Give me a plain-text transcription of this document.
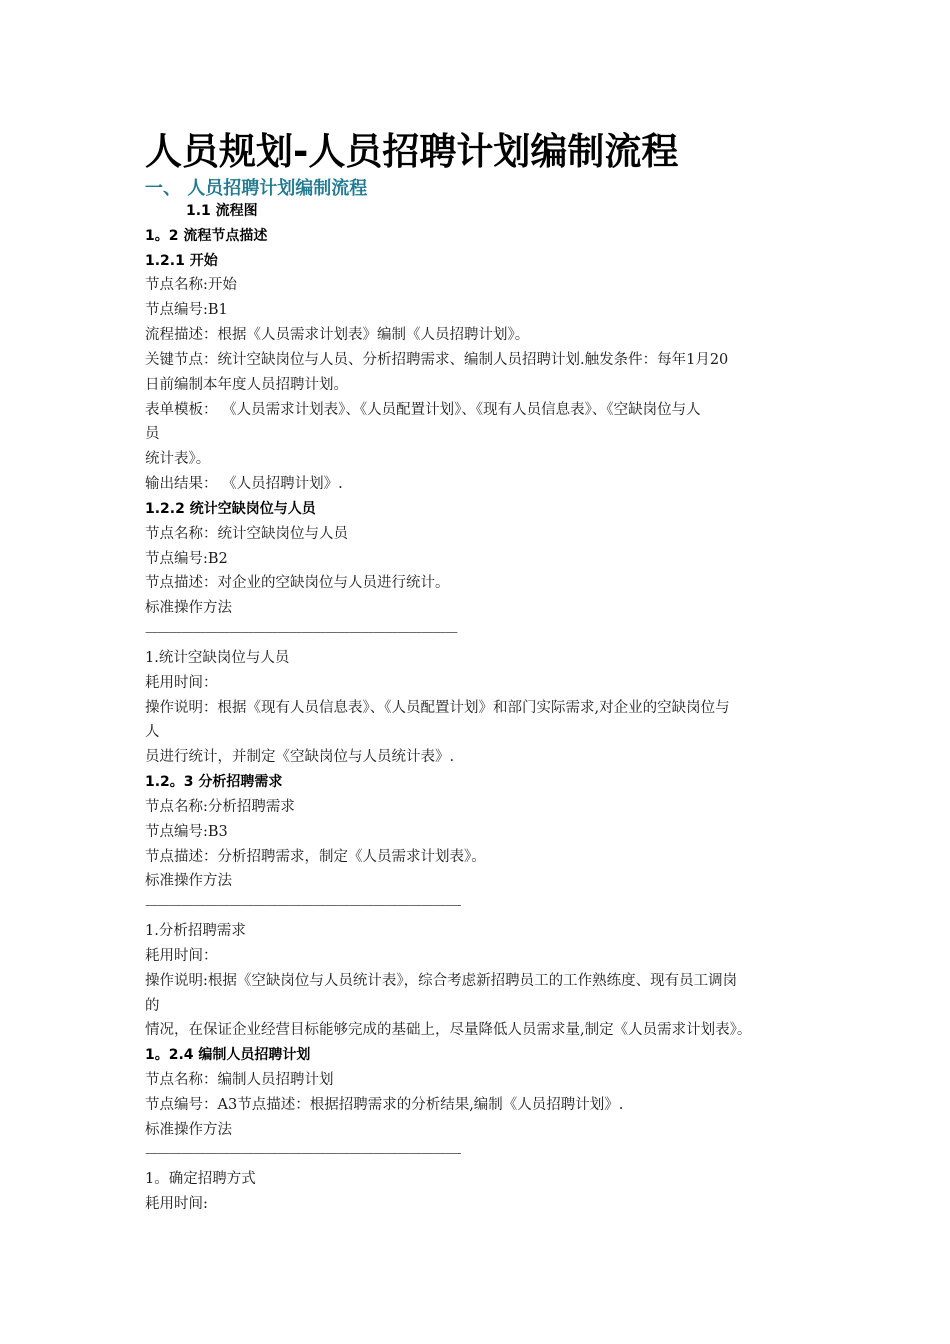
人员规划-人员招聘计划编制流程
一、 人员招聘计划编制流程
1.1 流程图
1。2 流程节点描述
1.2.1 开始
节点名称:开始
节点编号:B1
流程描述：根据《人员需求计划表》编制《人员招聘计划》。
关键节点：统计空缺岗位与人员、分析招聘需求、编制人员招聘计划.触发条件：每年1月20
日前编制本年度人员招聘计划。
表单模板： 《人员需求计划表》、《人员配置计划》、《现有人员信息表》、《空缺岗位与人
员
统计表》。
输出结果： 《人员招聘计划》.
1.2.2 统计空缺岗位与人员
节点名称：统计空缺岗位与人员
节点编号:B2
节点描述：对企业的空缺岗位与人员进行统计。
标准操作方法
——————————————————————————
1.统计空缺岗位与人员
耗用时间：
操作说明：根据《现有人员信息表》、《人员配置计划》和部门实际需求,对企业的空缺岗位与
人
员进行统计，并制定《空缺岗位与人员统计表》.
1.2。3 分析招聘需求
节点名称:分析招聘需求
节点编号:B3
节点描述：分析招聘需求，制定《人员需求计划表》。
标准操作方法
——————————————————————————-
1.分析招聘需求
耗用时间：
操作说明:根据《空缺岗位与人员统计表》，综合考虑新招聘员工的工作熟练度、现有员工调岗
的
情况，在保证企业经营目标能够完成的基础上，尽量降低人员需求量,制定《人员需求计划表》。
1。2.4 编制人员招聘计划
节点名称：编制人员招聘计划
节点编号：A3节点描述：根据招聘需求的分析结果,编制《人员招聘计划》.
标准操作方法
——————————————————————————-
1。确定招聘方式
耗用时间:
